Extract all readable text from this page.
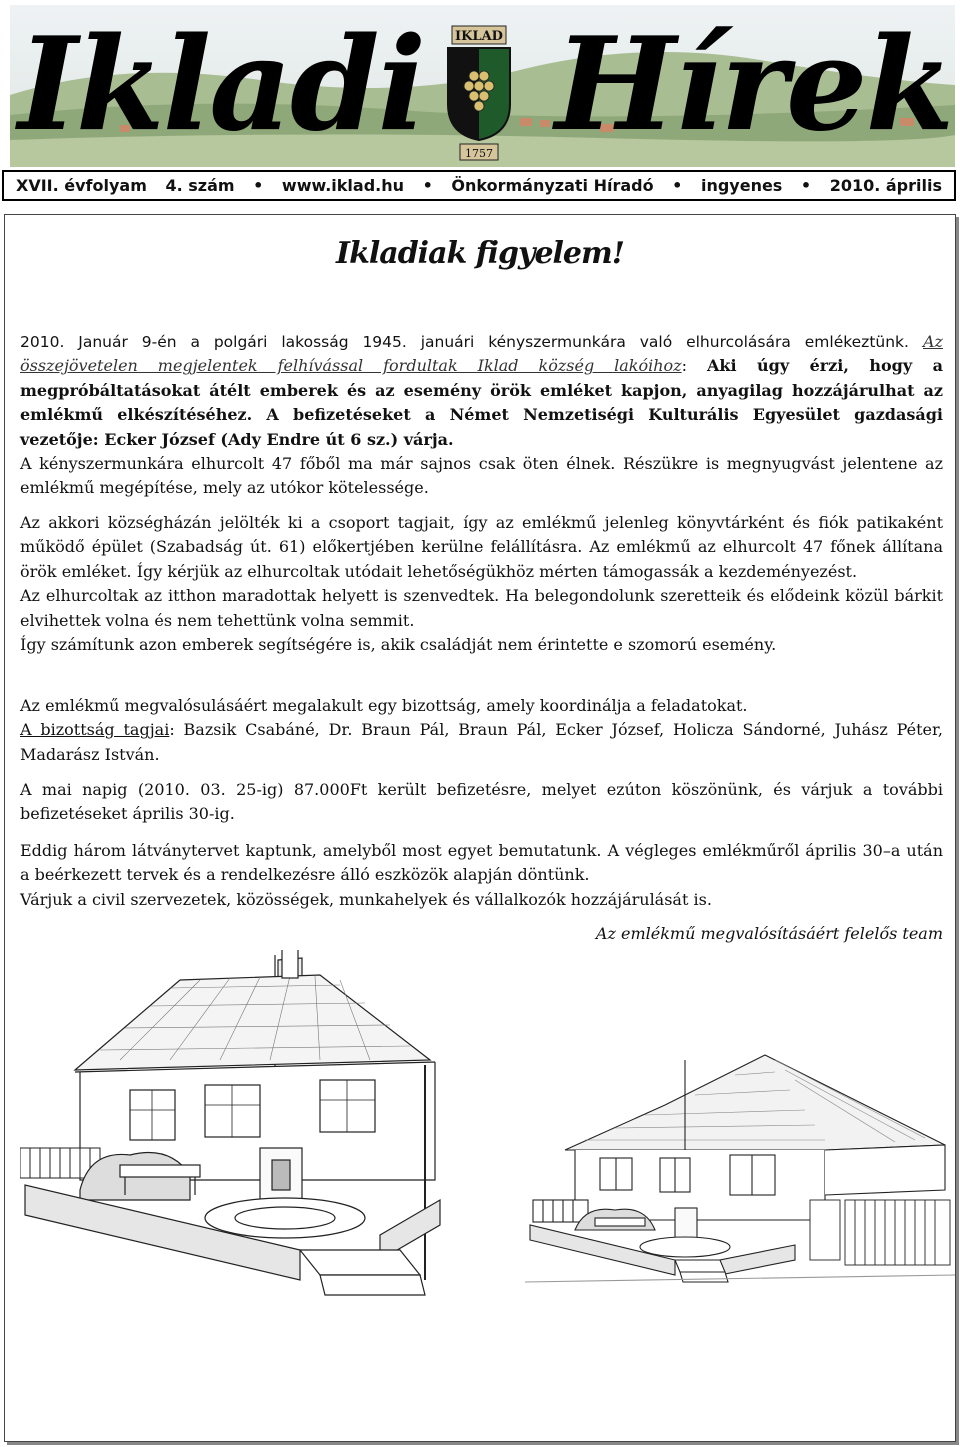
Ikladi IKLAD
1757 Hírek
XVII. évfolyam 4. szám • www.iklad.hu • Önkormányzati Híradó • ingyenes • 2010. április
Ikladiak figyelem!

2010. Január 9-én a polgári lakosság 1945. januári kényszermunkára való elhurcolására emlékeztünk. Az összejövetelen megjelentek felhívással fordultak Iklad község lakóihoz: Aki úgy érzi, hogy a megpróbáltatásokat átélt emberek és az esemény örök emléket kapjon, anyagilag hozzájárulhat az emlékmű elkészítéséhez. A befizetéseket a Német Nemzetiségi Kulturális Egyesület gazdasági vezetője: Ecker József (Ady Endre út 6 sz.) várja.

A kényszermunkára elhurcolt 47 főből ma már sajnos csak öten élnek. Részükre is megnyugvást jelentene az emlékmű megépítése, mely az utókor kötelessége.

Az akkori községházán jelölték ki a csoport tagjait, így az emlékmű jelenleg könyvtárként és fiók patikaként működő épület (Szabadság út. 61) előkertjében kerülne felállításra. Az emlékmű az elhurcolt 47 főnek állítana örök emléket. Így kérjük az elhurcoltak utódait lehetőségükhöz mérten támogassák a kezdeményezést.

Az elhurcoltak az itthon maradottak helyett is szenvedtek. Ha belegondolunk szeretteik és elődeink közül bárkit elvihettek volna és nem tehettünk volna semmit.

Így számítunk azon emberek segítségére is, akik családját nem érintette e szomorú esemény.

Az emlékmű megvalósulásáért megalakult egy bizottság, amely koordinálja a feladatokat.

A bizottság tagjai: Bazsik Csabáné, Dr. Braun Pál, Braun Pál, Ecker József, Holicza Sándorné, Juhász Péter, Madarász István.

A mai napig (2010. 03. 25-ig) 87.000Ft került befizetésre, melyet ezúton köszönünk, és várjuk a további befizetéseket április 30-ig.

Eddig három látványtervet kaptunk, amelyből most egyet bemutatunk. A végleges emlékműről április 30–a után a beérkezett tervek és a rendelkezésre álló eszközök alapján döntünk.

Várjuk a civil szervezetek, közösségek, munkahelyek és vállalkozók hozzájárulását is.

Az emlékmű megvalósításáért felelős team
